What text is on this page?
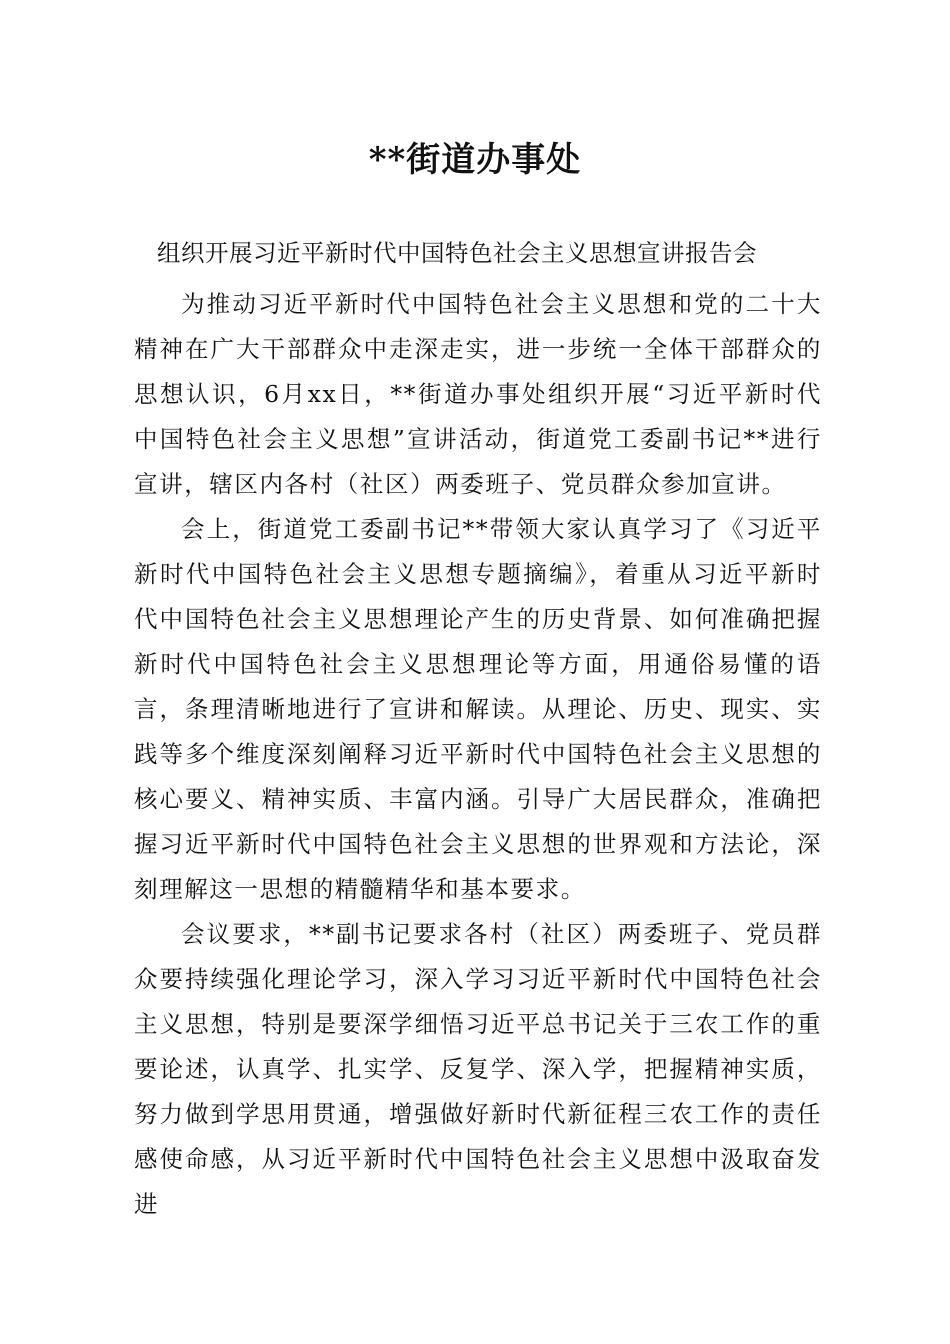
**街道办事处

组织开展习近平新时代中国特色社会主义思想宣讲报告会

为推动习近平新时代中国特色社会主义思想和党的二十大精神在广大干部群众中走深走实，进一步统一全体干部群众的思想认识，6月xx日，**街道办事处组织开展“习近平新时代中国特色社会主义思想”宣讲活动，街道党工委副书记**进行宣讲，辖区内各村（社区）两委班子、党员群众参加宣讲。

会上，街道党工委副书记**带领大家认真学习了《习近平新时代中国特色社会主义思想专题摘编》，着重从习近平新时代中国特色社会主义思想理论产生的历史背景、如何准确把握新时代中国特色社会主义思想理论等方面，用通俗易懂的语言，条理清晰地进行了宣讲和解读。从理论、历史、现实、实践等多个维度深刻阐释习近平新时代中国特色社会主义思想的核心要义、精神实质、丰富内涵。引导广大居民群众，准确把握习近平新时代中国特色社会主义思想的世界观和方法论，深刻理解这一思想的精髓精华和基本要求。

会议要求，**副书记要求各村（社区）两委班子、党员群众要持续强化理论学习，深入学习习近平新时代中国特色社会主义思想，特别是要深学细悟习近平总书记关于三农工作的重要论述，认真学、扎实学、反复学、深入学，把握精神实质，努力做到学思用贯通，增强做好新时代新征程三农工作的责任感使命感，从习近平新时代中国特色社会主义思想中汲取奋发进
